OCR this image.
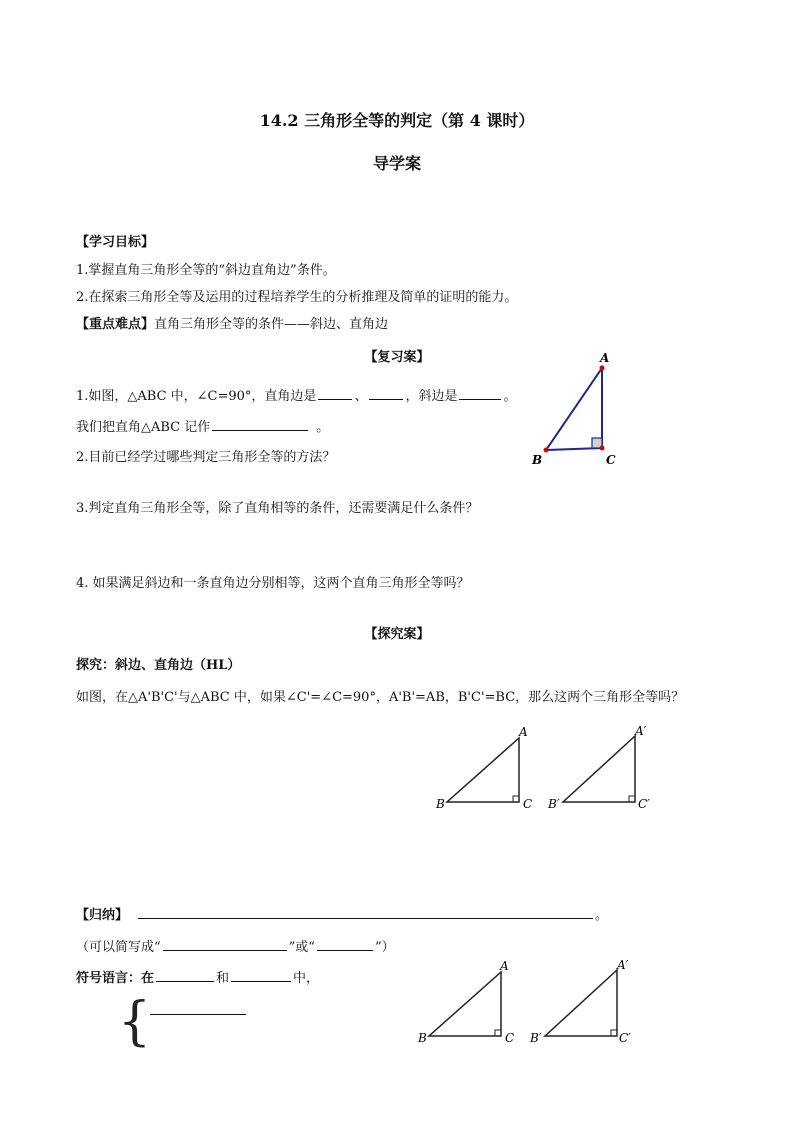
14.2 三角形全等的判定（第 4 课时）
导学案
【学习目标】
1.掌握直角三角形全等的“斜边直角边”条件。
2.在探索三角形全等及运用的过程培养学生的分析推理及简单的证明的能力。
【重点难点】直角三角形全等的条件——斜边、直角边
【复习案】
1.如图，△ABC 中，∠C=90°，直角边是	、	，斜边是	。
我们把直角△ABC 记作	。
2.目前已经学过哪些判定三角形全等的方法？
3.判定直角三角形全等，除了直角相等的条件，还需要满足什么条件？
4. 如果满足斜边和一条直角边分别相等，这两个直角三角形全等吗？
A
B	C
【探究案】
探究：斜边、直角边（HL）
如图，在△A'B'C'与△ABC 中，如果∠C'=∠C=90°，A'B'=AB，B'C'=BC，那么这两个三角形全等吗？
A
B	C
A′
B′	C′
【归纳】	。
（可以简写成“	”或“	”）
符号语言：在	和	中，
{
A
B	C
A′
B′	C′
